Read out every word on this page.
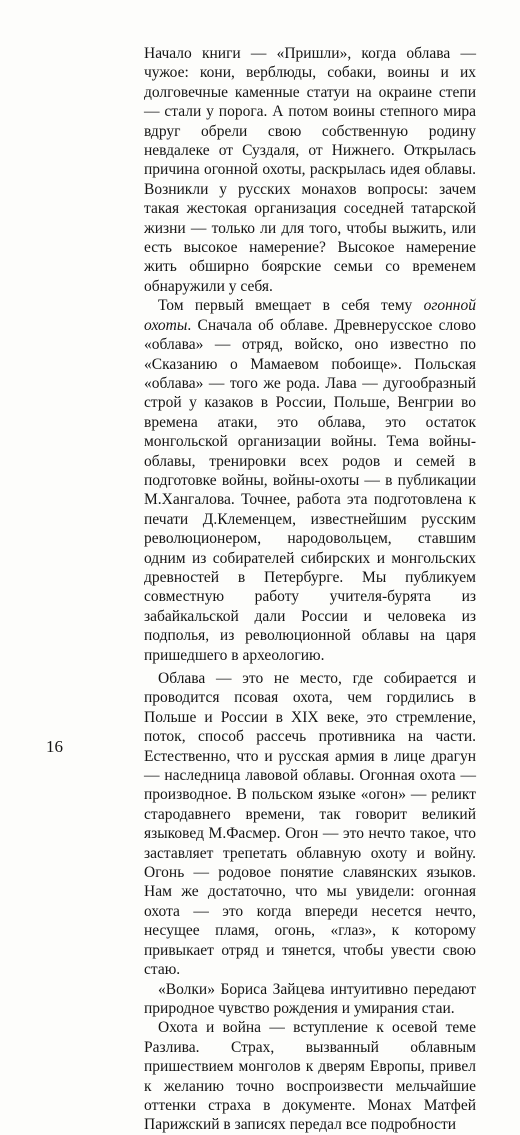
Начало книги — «Пришли», когда облава — чужое: кони, верблюды, собаки, воины и их долговечные каменные статуи на окраине степи — стали у порога. А потом воины степного мира вдруг обрели свою собственную родину невдалеке от Суздаля, от Нижнего. Открылась причина огонной охоты, раскрылась идея облавы. Возникли у русских монахов вопросы: зачем такая жестокая организация соседней татарской жизни — только ли для того, чтобы выжить, или есть высокое намерение? Высокое намерение жить обширно боярские семьи со временем обнаружили у себя.

Том первый вмещает в себя тему огонной охоты. Сначала об облаве. Древнерусское слово «облава» — отряд, войско, оно известно по «Сказанию о Мамаевом побоище». Польская «облава» — того же рода. Лава — дугообразный строй у казаков в России, Польше, Венгрии во времена атаки, это облава, это остаток монгольской организации войны. Тема войны-облавы, тренировки всех родов и семей в подготовке войны, войны-охоты — в публикации М.Хангалова. Точнее, работа эта подготовлена к печати Д.Клеменцем, известнейшим русским революционером, народовольцем, ставшим одним из собирателей сибирских и монгольских древностей в Петербурге. Мы публикуем совместную работу учителя-бурята из забайкальской дали России и человека из подполья, из революционной облавы на царя пришедшего в археологию.

Облава — это не место, где собирается и проводится псовая охота, чем гордились в Польше и России в XIX веке, это стремление, поток, способ рассечь противника на части. Естественно, что и русская армия в лице драгун — наследница лавовой облавы. Огонная охота — производное. В польском языке «огон» — реликт стародавнего времени, так говорит великий языковед М.Фасмер. Огон — это нечто такое, что заставляет трепетать облавную охоту и войну. Огонь — родовое понятие славянских языков. Нам же достаточно, что мы увидели: огонная охота — это когда впереди несется нечто, несущее пламя, огонь, «глаз», к которому привыкает отряд и тянется, чтобы увести свою стаю.

«Волки» Бориса Зайцева интуитивно передают природное чувство рождения и умирания стаи.

Охота и война — вступление к осевой теме Разлива. Страх, вызванный облавным пришествием монголов к дверям Европы, привел к желанию точно воспроизвести мельчайшие оттенки страха в документе. Монах Матфей Парижский в записях передал все подробности

16
